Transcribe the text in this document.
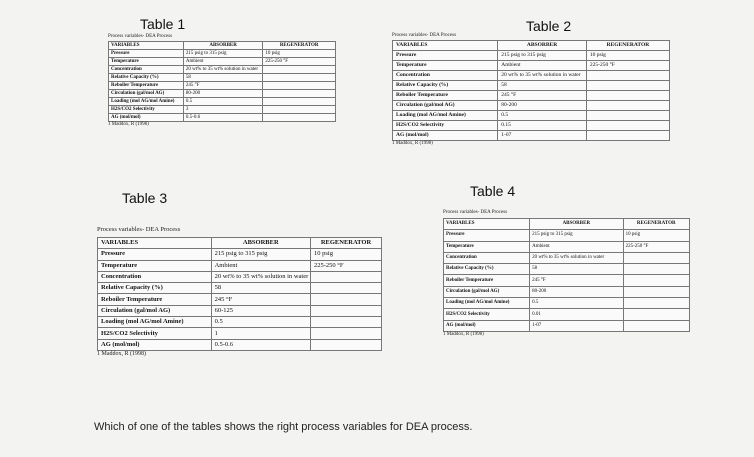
Table 1
Process variables- DEA Process
VARIABLES	ABSORBER	REGENERATOR
Pressure	215 psig to 315 psig	10 psig
Temperature	Ambient	225-250 °F
Concentration	20 wt% to 35 wt% solution in water	
Relative Capacity (%)	58	
Reboiler Temperature	245 °F	
Circulation (gal/mol AG)	80-200	
Loading (mol AG/mol Amine)	0.5	
H2S/CO2 Selectivity	3	
AG (mol/mol)	0.5-0.6	
1 Maddox, R (1998)
Table 2
Process variables- DEA Process
VARIABLES	ABSORBER	REGENERATOR
Pressure	215 psig to 315 psig	10 psig
Temperature	Ambient	225-250 °F
Concentration	20 wt% to 35 wt% solution in water	
Relative Capacity (%)	58	
Reboiler Temperature	245 °F	
Circulation (gal/mol AG)	80-200	
Loading (mol AG/mol Amine)	0.5	
H2S/CO2 Selectivity	0.15	
AG (mol/mol)	1-07	
1 Maddox, R (1998)
Table 3
Process variables- DEA Process
VARIABLES	ABSORBER	REGENERATOR
Pressure	215 psig to 315 psig	10 psig
Temperature	Ambient	225-250 °F
Concentration	20 wt% to 35 wt% solution in water	
Relative Capacity (%)	58	
Reboiler Temperature	245 °F	
Circulation (gal/mol AG)	60-125	
Loading (mol AG/mol Amine)	0.5	
H2S/CO2 Selectivity	1	
AG (mol/mol)	0.5-0.6	
1 Maddox, R (1998)
Table 4
Process variables- DEA Process
VARIABLES	ABSORBER	REGENERATOR
Pressure	215 psig to 315 psig	10 psig
Temperature	Ambient	225-250 °F
Concentration	20 wt% to 35 wt% solution in water	
Relative Capacity (%)	58	
Reboiler Temperature	245 °F	
Circulation (gal/mol AG)	80-200	
Loading (mol AG/mol Amine)	0.5	
H2S/CO2 Selectivity	0.01	
AG (mol/mol)	1-07	
1 Maddox, R (1998)
Which of one of the tables shows the right process variables for DEA process.
